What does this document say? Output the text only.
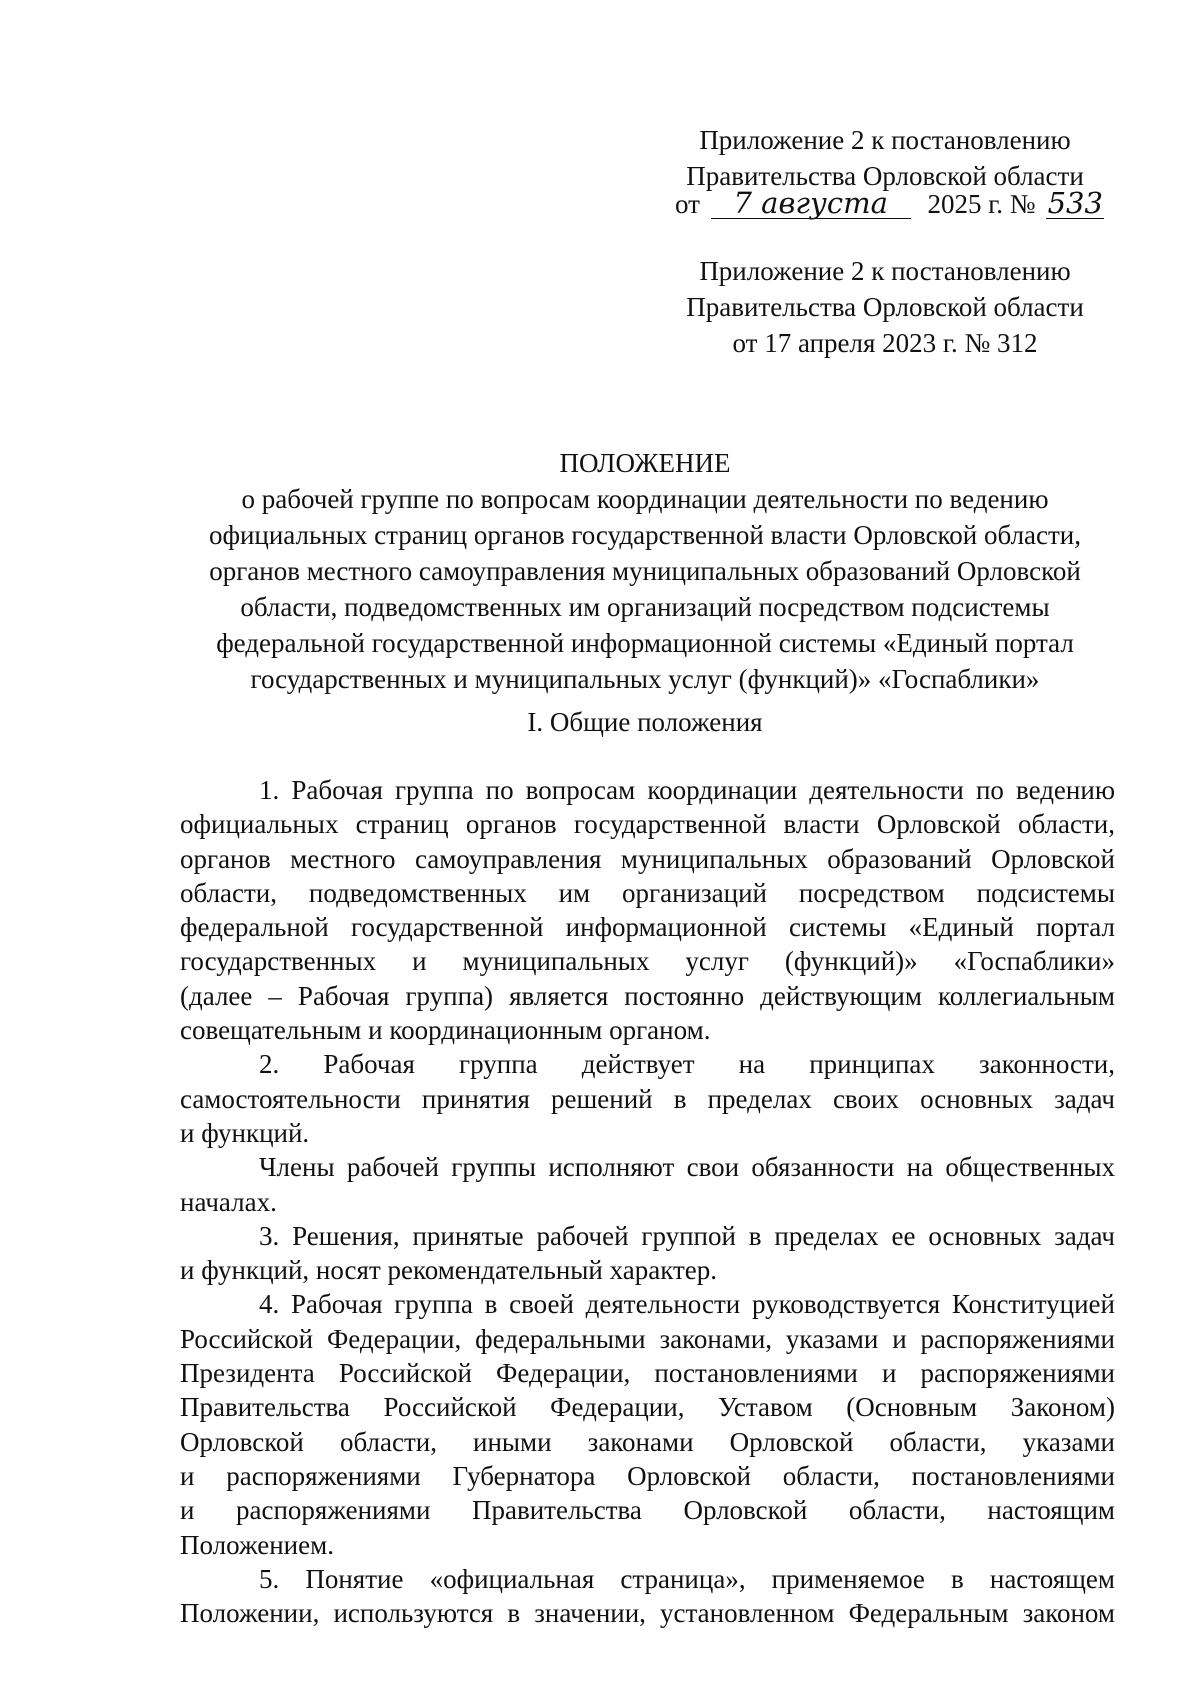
Приложение 2 к постановлению
Правительства Орловской области
от 7 августа 2025 г. № 533
Приложение 2 к постановлению
Правительства Орловской области
от 17 апреля 2023 г. № 312
ПОЛОЖЕНИЕ
о рабочей группе по вопросам координации деятельности по ведению
официальных страниц органов государственной власти Орловской области,
органов местного самоуправления муниципальных образований Орловской
области, подведомственных им организаций посредством подсистемы
федеральной государственной информационной системы «Единый портал
государственных и муниципальных услуг (функций)» «Госпаблики»
I. Общие положения
1. Рабочая группа по вопросам координации деятельности по ведению
официальных страниц органов государственной власти Орловской области,
органов местного самоуправления муниципальных образований Орловской
области, подведомственных им организаций посредством подсистемы
федеральной государственной информационной системы «Единый портал
государственных и муниципальных услуг (функций)» «Госпаблики»
(далее – Рабочая группа) является постоянно действующим коллегиальным
совещательным и координационным органом.
2. Рабочая группа действует на принципах законности,
самостоятельности принятия решений в пределах своих основных задач
и функций.
Члены рабочей группы исполняют свои обязанности на общественных
началах.
3. Решения, принятые рабочей группой в пределах ее основных задач
и функций, носят рекомендательный характер.
4. Рабочая группа в своей деятельности руководствуется Конституцией
Российской Федерации, федеральными законами, указами и распоряжениями
Президента Российской Федерации, постановлениями и распоряжениями
Правительства Российской Федерации, Уставом (Основным Законом)
Орловской области, иными законами Орловской области, указами
и распоряжениями Губернатора Орловской области, постановлениями
и распоряжениями Правительства Орловской области, настоящим
Положением.
5. Понятие «официальная страница», применяемое в настоящем
Положении, используются в значении, установленном Федеральным законом
